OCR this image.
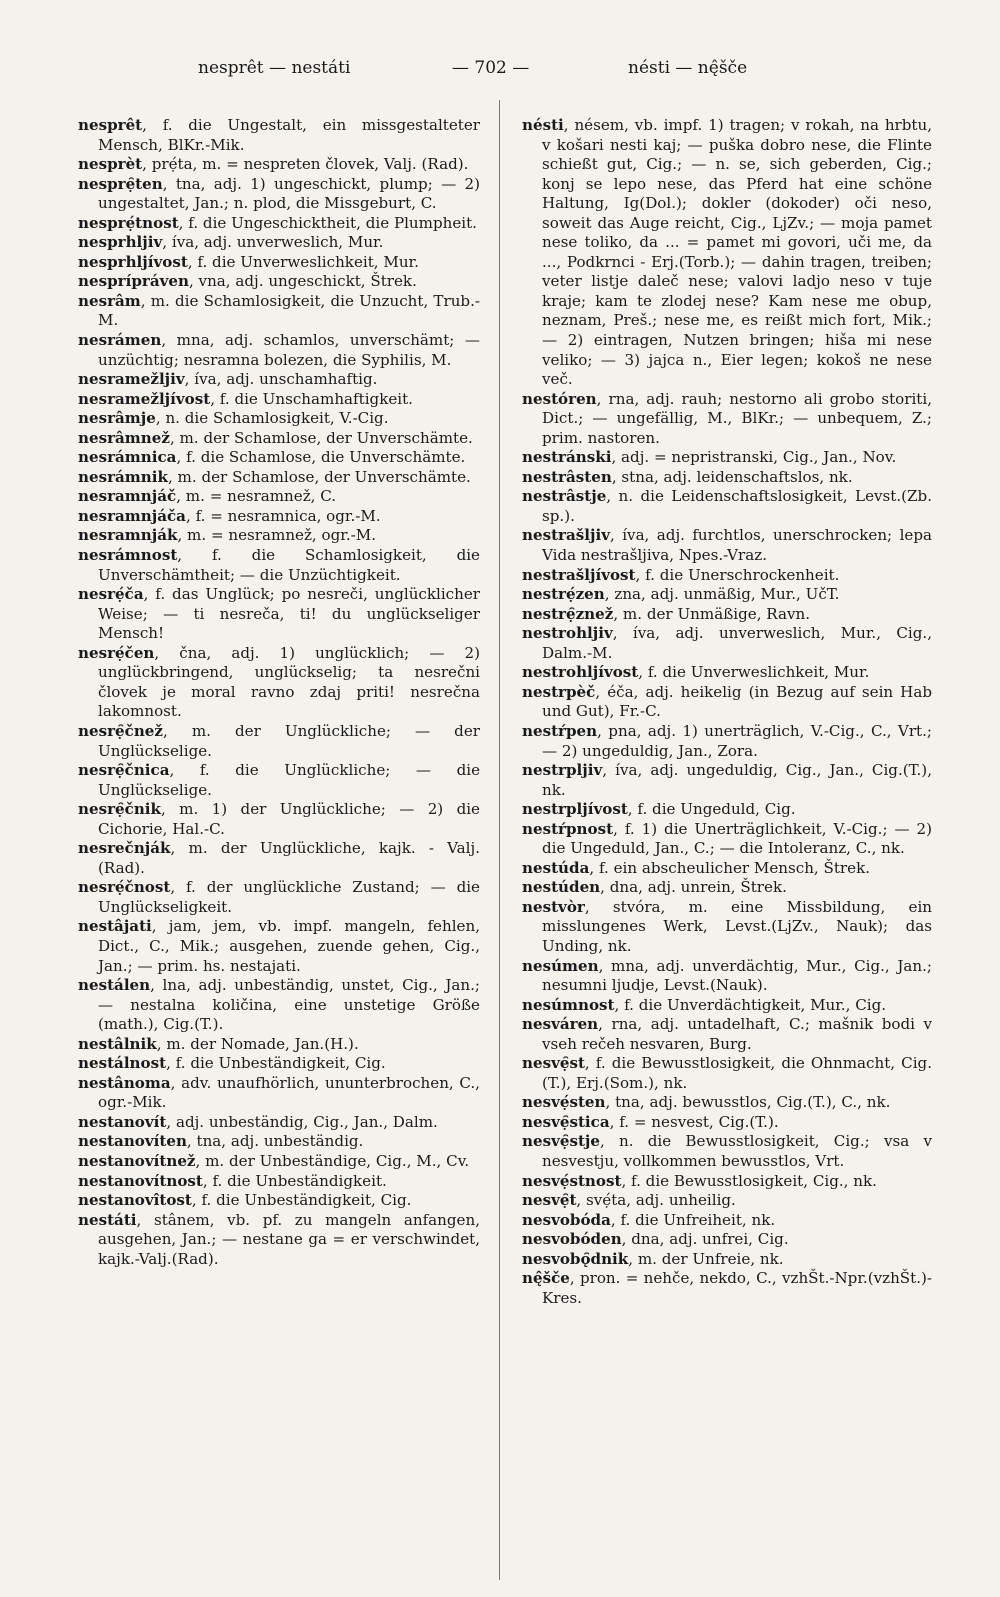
nesprêt — nestáti	— 702 —	nésti — nę̂šče

nesprêt, f. die Ungestalt, ein missgestalteter Mensch, BlKr.-Mik.

nesprèt, prẹ́ta, m. = nespreten človek, Valj. (Rad).

nesprẹ̑ten, tna, adj. 1) ungeschickt, plump; — 2) ungestaltet, Jan.; n. plod, die Missgeburt, C.

nesprẹ́tnost, f. die Ungeschicktheit, die Plumpheit.

nesprhljiv, íva, adj. unverweslich, Mur.

nesprhljívost, f. die Unverweslichkeit, Mur.

nesprípráven, vna, adj. ungeschickt, Štrek.

nesrâm, m. die Schamlosigkeit, die Unzucht, Trub.-M.

nesrámen, mna, adj. schamlos, unverschämt; — unzüchtig; nesramna bolezen, die Syphilis, M.

nesramežljiv, íva, adj. unschamhaftig.

nesramežljívost, f. die Unschamhaftigkeit.

nesrâmje, n. die Schamlosigkeit, V.-Cig.

nesrâmnež, m. der Schamlose, der Unverschämte.

nesrámnica, f. die Schamlose, die Unverschämte.

nesrámnik, m. der Schamlose, der Unverschämte.

nesramnjáč, m. = nesramnež, C.

nesramnjáča, f. = nesramnica, ogr.-M.

nesramnják, m. = nesramnež, ogr.-M.

nesrámnost, f. die Schamlosigkeit, die Unverschämtheit; — die Unzüchtigkeit.

nesrẹ́ča, f. das Unglück; po nesreči, unglücklicher Weise; — ti nesreča, ti! du unglückseliger Mensch!

nesrẹ́čen, čna, adj. 1) unglücklich; — 2) unglückbringend, unglückselig; ta nesrečni človek je moral ravno zdaj priti! nesrečna lakomnost.

nesrẹ̑čnež, m. der Unglückliche; — der Unglückselige.

nesrẹ̑čnica, f. die Unglückliche; — die Unglückselige.

nesrẹ̑čnik, m. 1) der Unglückliche; — 2) die Cichorie, Hal.-C.

nesrečnják, m. der Unglückliche, kajk. - Valj. (Rad).

nesrẹ́čnost, f. der unglückliche Zustand; — die Unglückseligkeit.

nestâjati, jam, jem, vb. impf. mangeln, fehlen, Dict., C., Mik.; ausgehen, zuende gehen, Cig., Jan.; — prim. hs. nestajati.

nestálen, lna, adj. unbeständig, unstet, Cig., Jan.; — nestalna količina, eine unstetige Größe (math.), Cig.(T.).

nestâlnik, m. der Nomade, Jan.(H.).

nestálnost, f. die Unbeständigkeit, Cig.

nestânoma, adv. unaufhörlich, ununterbrochen, C., ogr.-Mik.

nestanovít, adj. unbeständig, Cig., Jan., Dalm.

nestanovíten, tna, adj. unbeständig.

nestanovítnež, m. der Unbeständige, Cig., M., Cv.

nestanovítnost, f. die Unbeständigkeit.

nestanovîtost, f. die Unbeständigkeit, Cig.

nestáti, stânem, vb. pf. zu mangeln anfangen, ausgehen, Jan.; — nestane ga = er verschwindet, kajk.-Valj.(Rad).

nésti, nésem, vb. impf. 1) tragen; v rokah, na hrbtu, v košari nesti kaj; — puška dobro nese, die Flinte schießt gut, Cig.; — n. se, sich geberden, Cig.; konj se lepo nese, das Pferd hat eine schöne Haltung, Ig(Dol.); dokler (dokoder) oči neso, soweit das Auge reicht, Cig., LjZv.; — moja pamet nese toliko, da ... = pamet mi govori, uči me, da ..., Podkrnci - Erj.(Torb.); — dahin tragen, treiben; veter listje dalеč nese; valovi ladjo neso v tuje kraje; kam te zlodej nese? Kam nese me obup, neznam, Preš.; nese me, es reißt mich fort, Mik.; — 2) eintragen, Nutzen bringen; hiša mi nese veliko; — 3) jajca n., Eier legen; kokoš ne nese več.

nestóren, rna, adj. rauh; nestorno ali grobo storiti, Dict.; — ungefällig, M., BlKr.; — unbequem, Z.; prim. nastoren.

nestránski, adj. = nepristranski, Cig., Jan., Nov.

nestrâsten, stna, adj. leidenschaftslos, nk.

nestrâstje, n. die Leidenschaftslosigkeit, Levst.(Zb. sp.).

nestrašljiv, íva, adj. furchtlos, unerschrocken; lepa Vida nestrašljiva, Npes.-Vraz.

nestrašljívost, f. die Unerschrockenheit.

nestrẹ́zen, zna, adj. unmäßig, Mur., UčT.

nestrẹ̑znež, m. der Unmäßige, Ravn.

nestrohljiv, íva, adj. unverweslich, Mur., Cig., Dalm.-M.

nestrohljívost, f. die Unverweslichkeit, Mur.

nestrpèč, éča, adj. heikelig (in Bezug auf sein Hab und Gut), Fr.-C.

nestŕpen, pna, adj. 1) unerträglich, V.-Cig., C., Vrt.; — 2) ungeduldig, Jan., Zora.

nestrpljiv, íva, adj. ungeduldig, Cig., Jan., Cig.(T.), nk.

nestrpljívost, f. die Ungeduld, Cig.

nestŕpnost, f. 1) die Unerträglichkeit, V.-Cig.; — 2) die Ungeduld, Jan., C.; — die Intoleranz, C., nk.

nestúda, f. ein abscheulicher Mensch, Štrek.

nestúden, dna, adj. unrein, Štrek.

nestvòr, stvóra, m. eine Missbildung, ein misslungenes Werk, Levst.(LjZv., Nauk); das Unding, nk.

nesúmen, mna, adj. unverdächtig, Mur., Cig., Jan.; nesumni ljudje, Levst.(Nauk).

nesúmnost, f. die Unverdächtigkeit, Mur., Cig.

nesváren, rna, adj. untadelhaft, C.; mašnik bodi v vseh rečeh nesvaren, Burg.

nesvẹ̑st, f. die Bewusstlosigkeit, die Ohnmacht, Cig.(T.), Erj.(Som.), nk.

nesvẹ́sten, tna, adj. bewusstlos, Cig.(T.), C., nk.

nesvẹ̑stica, f. = nesvest, Cig.(T.).

nesvẹ̑stje, n. die Bewusstlosigkeit, Cig.; vsa v nesvestju, vollkommen bewusstlos, Vrt.

nesvẹ́stnost, f. die Bewusstlosigkeit, Cig., nk.

nesvẹ̑t, svẹ́ta, adj. unheilig.

nesvobóda, f. die Unfreiheit, nk.

nesvobóden, dna, adj. unfrei, Cig.

nesvobǫ̑dnik, m. der Unfreie, nk.

nę̂šče, pron. = nehče, nekdo, C., vzhŠt.-Npr.(vzhŠt.)-Kres.
